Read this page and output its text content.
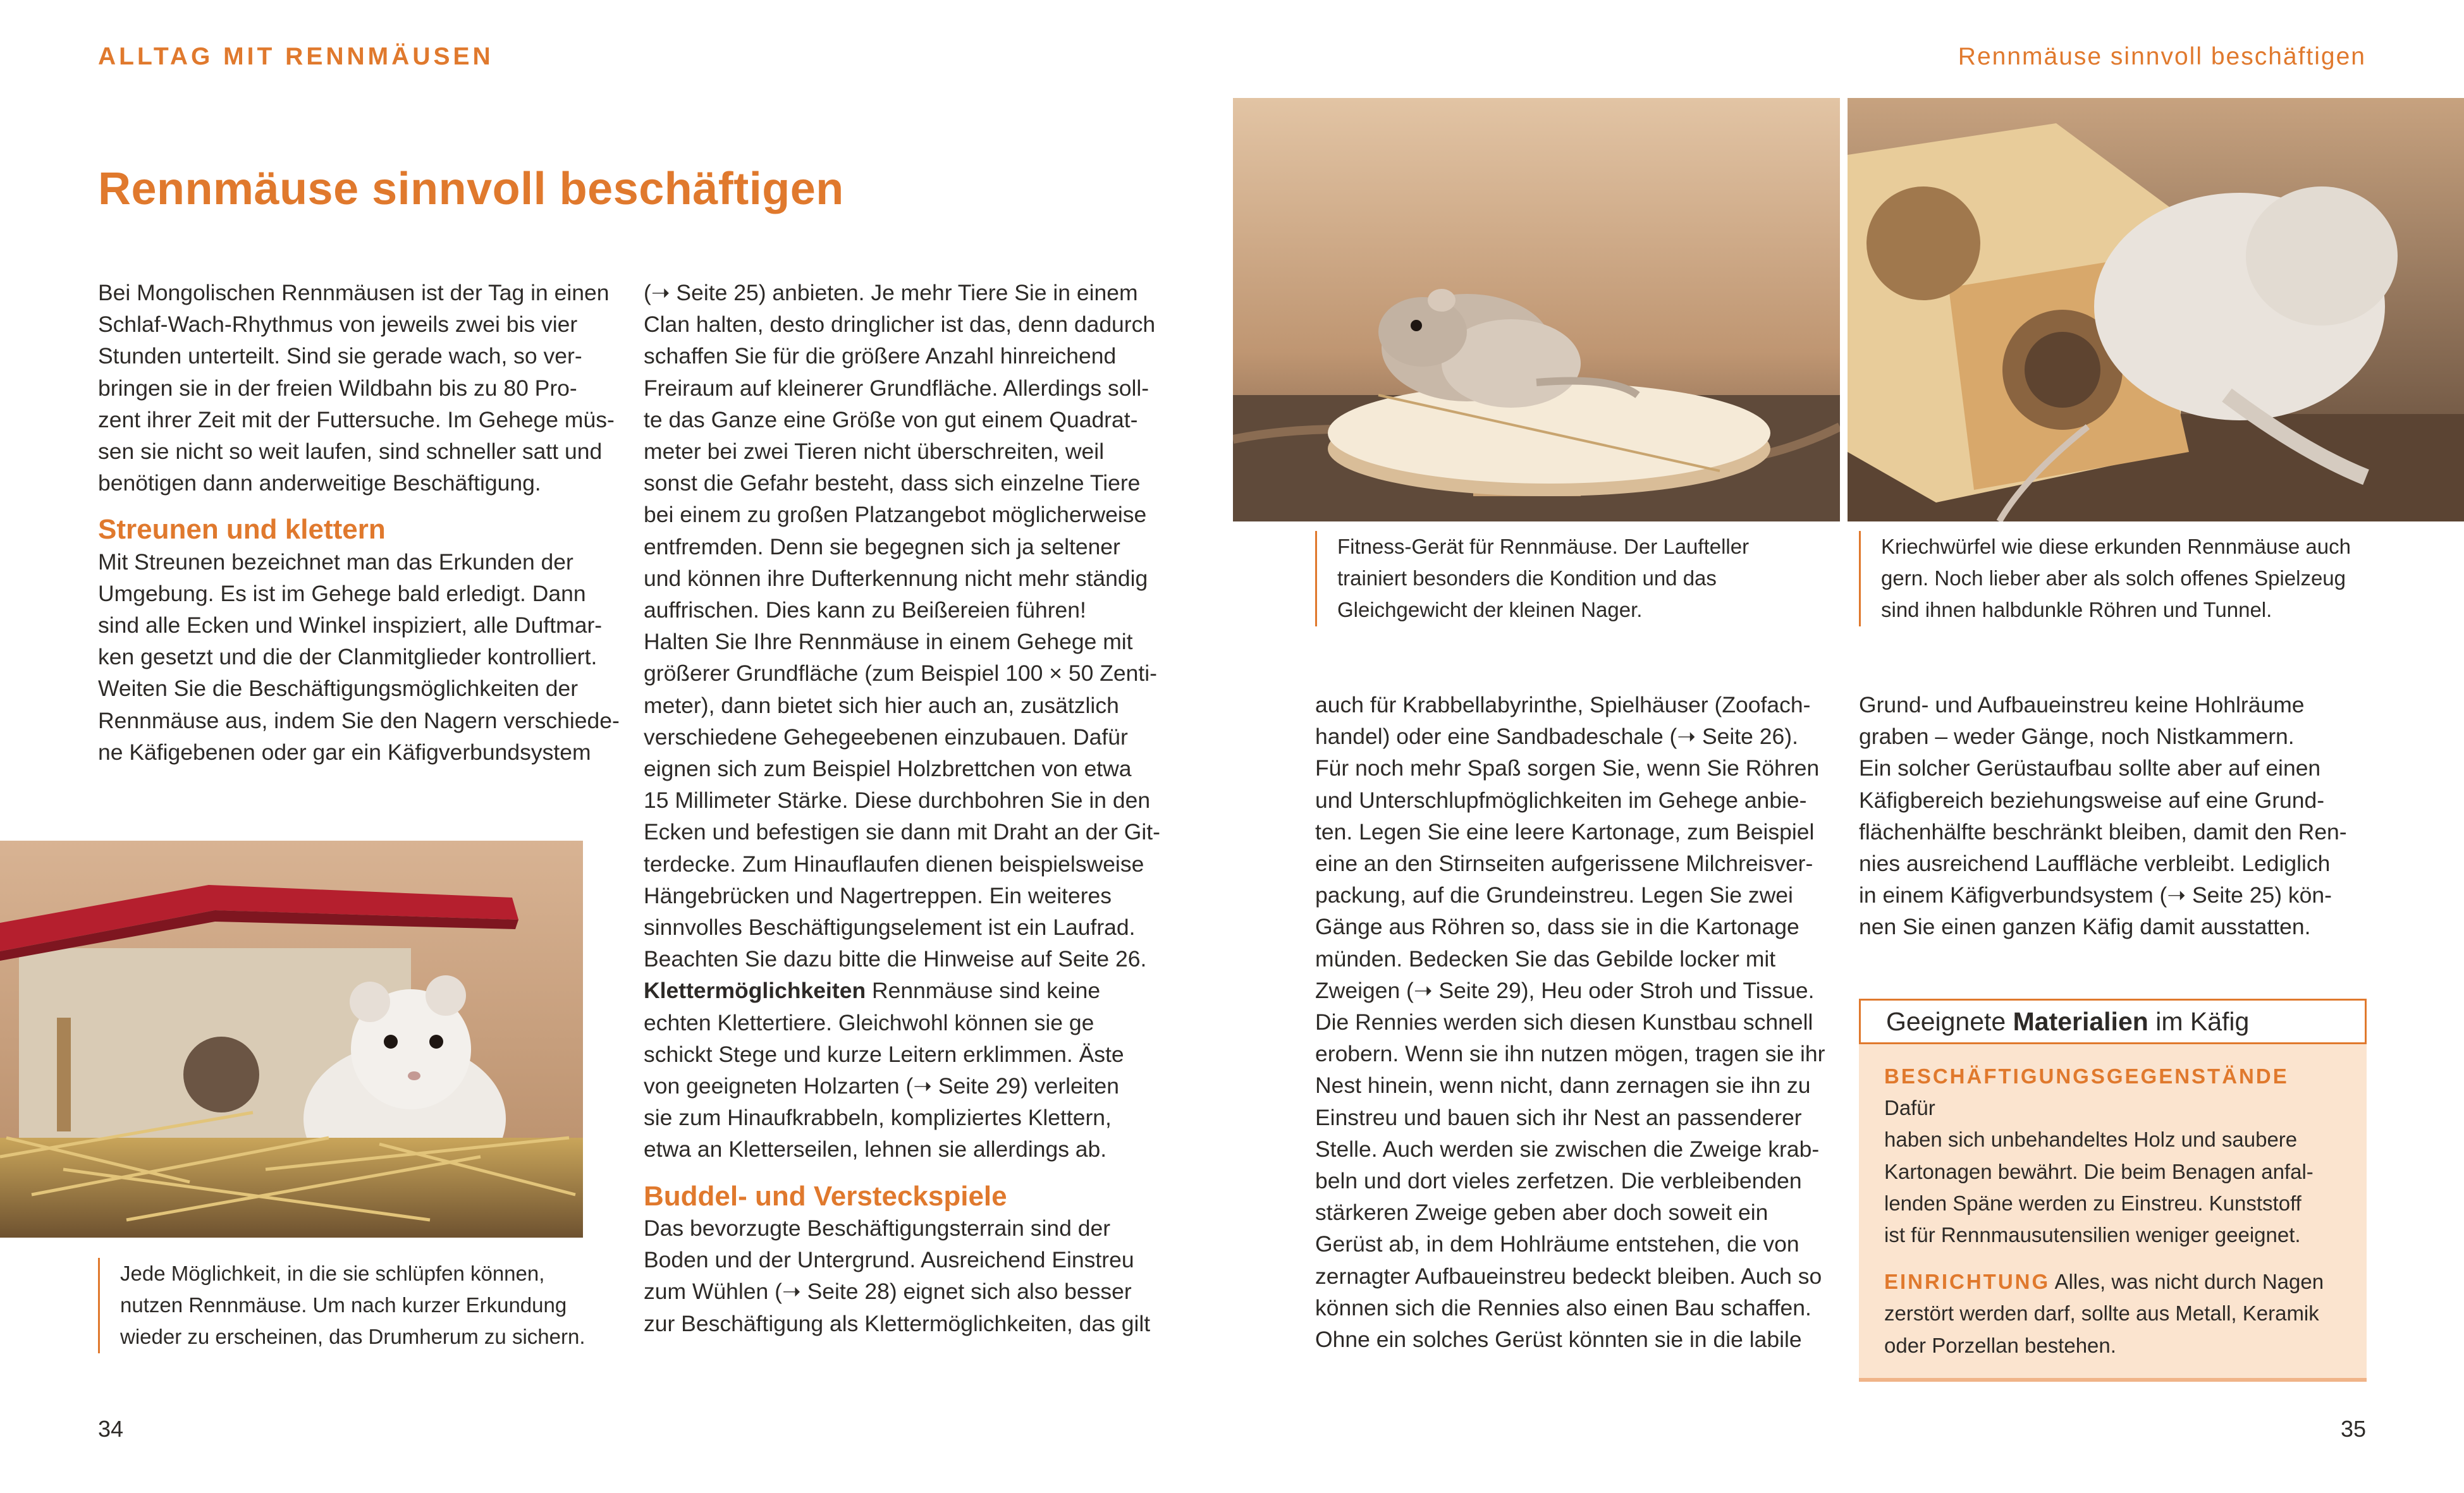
ALLTAG MIT RENNMÄUSEN	Rennmäuse sinnvoll beschäftigen
Rennmäuse sinnvoll beschäftigen

Bei Mongolischen Rennmäusen ist der Tag in einen
Schlaf-Wach-Rhythmus von jeweils zwei bis vier
Stunden unterteilt. Sind sie gerade wach, so ver-
bringen sie in der freien Wildbahn bis zu 80 Pro-
zent ihrer Zeit mit der Futtersuche. Im Gehege müs-
sen sie nicht so weit laufen, sind schneller satt und
benötigen dann anderweitige Beschäftigung.

Streunen und klettern

Mit Streunen bezeichnet man das Erkunden der
Umgebung. Es ist im Gehege bald erledigt. Dann
sind alle Ecken und Winkel inspiziert, alle Duftmar-
ken gesetzt und die der Clanmitglieder kontrolliert.
Weiten Sie die Beschäftigungsmöglichkeiten der
Rennmäuse aus, indem Sie den Nagern verschiede-
ne Käfigebenen oder gar ein Käfigverbundsystem

(➝ Seite 25) anbieten. Je mehr Tiere Sie in einem
Clan halten, desto dringlicher ist das, denn dadurch
schaffen Sie für die größere Anzahl hinreichend
Freiraum auf kleinerer Grundfläche. Allerdings soll-
te das Ganze eine Größe von gut einem Quadrat-
meter bei zwei Tieren nicht überschreiten, weil
sonst die Gefahr besteht, dass sich einzelne Tiere
bei einem zu großen Platzangebot möglicherweise
entfremden. Denn sie begegnen sich ja seltener
und können ihre Dufterkennung nicht mehr ständig
auffrischen. Dies kann zu Beißereien führen!
Halten Sie Ihre Rennmäuse in einem Gehege mit
größerer Grundfläche (zum Beispiel 100 × 50 Zenti-
meter), dann bietet sich hier auch an, zusätzlich
verschiedene Gehegeebenen einzubauen. Dafür
eignen sich zum Beispiel Holzbrettchen von etwa
15 Millimeter Stärke. Diese durchbohren Sie in den
Ecken und befestigen sie dann mit Draht an der Git-
terdecke. Zum Hinauflaufen dienen beispielsweise
Hängebrücken und Nagertreppen. Ein weiteres
sinnvolles Beschäftigungselement ist ein Laufrad.
Beachten Sie dazu bitte die Hinweise auf Seite 26.
Klettermöglichkeiten Rennmäuse sind keine
echten Klettertiere. Gleichwohl können sie ge
schickt Stege und kurze Leitern erklimmen. Äste
von geeigneten Holzarten (➝ Seite 29) verleiten
sie zum Hinaufkrabbeln, kompliziertes Klettern,
etwa an Kletterseilen, lehnen sie allerdings ab.

Buddel- und Versteckspiele

Das bevorzugte Beschäftigungsterrain sind der
Boden und der Untergrund. Ausreichend Einstreu
zum Wühlen (➝ Seite 28) eignet sich also besser
zur Beschäftigung als Klettermöglichkeiten, das gilt

auch für Krabbellabyrinthe, Spielhäuser (Zoofach-
handel) oder eine Sandbadeschale (➝ Seite 26).
Für noch mehr Spaß sorgen Sie, wenn Sie Röhren
und Unterschlupfmöglichkeiten im Gehege anbie-
ten. Legen Sie eine leere Kartonage, zum Beispiel
eine an den Stirnseiten aufgerissene Milchreisver-
packung, auf die Grundeinstreu. Legen Sie zwei
Gänge aus Röhren so, dass sie in die Kartonage
münden. Bedecken Sie das Gebilde locker mit
Zweigen (➝ Seite 29), Heu oder Stroh und Tissue.
Die Rennies werden sich diesen Kunstbau schnell
erobern. Wenn sie ihn nutzen mögen, tragen sie ihr
Nest hinein, wenn nicht, dann zernagen sie ihn zu
Einstreu und bauen sich ihr Nest an passenderer
Stelle. Auch werden sie zwischen die Zweige krab-
beln und dort vieles zerfetzen. Die verbleibenden
stärkeren Zweige geben aber doch soweit ein
Gerüst ab, in dem Hohlräume entstehen, die von
zernagter Aufbaueinstreu bedeckt bleiben. Auch so
können sich die Rennies also einen Bau schaffen.
Ohne ein solches Gerüst könnten sie in die labile

Grund- und Aufbaueinstreu keine Hohlräume
graben – weder Gänge, noch Nistkammern.
Ein solcher Gerüstaufbau sollte aber auf einen
Käfigbereich beziehungsweise auf eine Grund-
flächenhälfte beschränkt bleiben, damit den Ren-
nies ausreichend Lauffläche verbleibt. Lediglich
in einem Käfigverbundsystem (➝ Seite 25) kön-
nen Sie einen ganzen Käfig damit ausstatten.

Jede Möglichkeit, in die sie schlüpfen können,
nutzen Rennmäuse. Um nach kurzer Erkundung
wieder zu erscheinen, das Drumherum zu sichern.
Fitness-Gerät für Rennmäuse. Der Laufteller
trainiert besonders die Kondition und das
Gleichgewicht der kleinen Nager.
Kriechwürfel wie diese erkunden Rennmäuse auch
gern. Noch lieber aber als solch offenes Spielzeug
sind ihnen halbdunkle Röhren und Tunnel.
Geeignete Materialien im Käfig

BESCHÄFTIGUNGSGEGENSTÄNDE Dafür
haben sich unbehandeltes Holz und saubere
Kartonagen bewährt. Die beim Benagen anfal-
lenden Späne werden zu Einstreu. Kunststoff
ist für Rennmausutensilien weniger geeignet.

EINRICHTUNG Alles, was nicht durch Nagen
zerstört werden darf, sollte aus Metall, Keramik
oder Porzellan bestehen.

34	35
